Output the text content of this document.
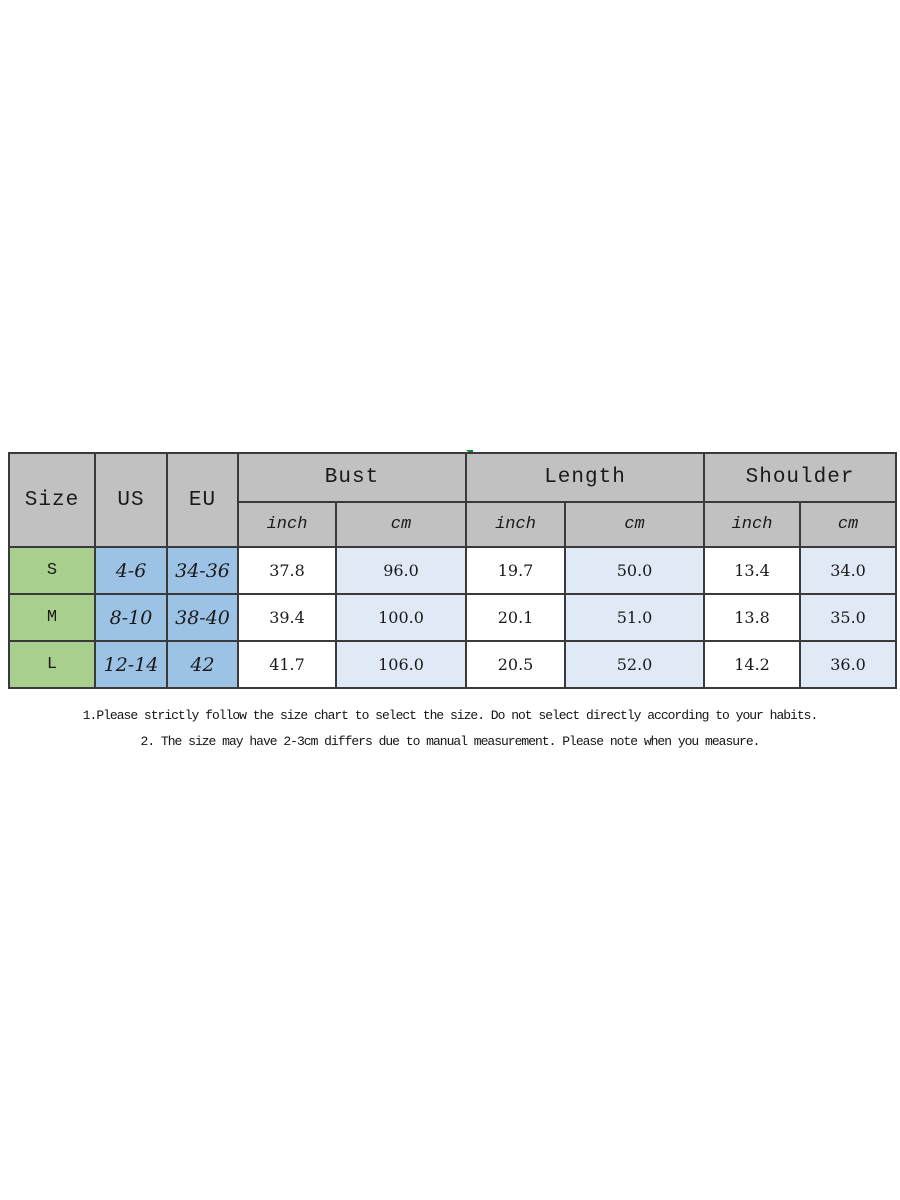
Size	US	EU	Bust		Length		Shoulder	
			inch	cm	inch	cm	inch	cm
S	4-6	34-36	37.8	96.0	19.7	50.0	13.4	34.0
M	8-10	38-40	39.4	100.0	20.1	51.0	13.8	35.0
L	12-14	42	41.7	106.0	20.5	52.0	14.2	36.0
1.Please strictly follow the size chart to select the size. Do not select directly according to your habits.
2. The size may have 2-3cm differs due to manual measurement. Please note when you measure.
